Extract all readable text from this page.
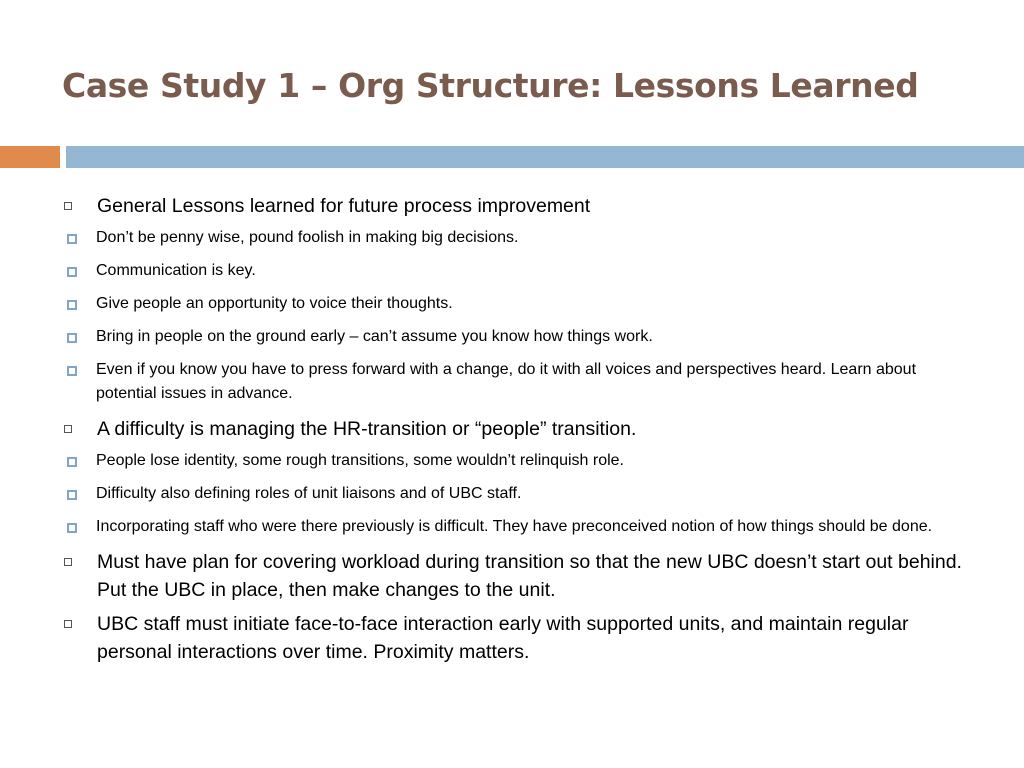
Case Study 1 – Org Structure: Lessons Learned
General Lessons learned for future process improvement
Don’t be penny wise, pound foolish in making big decisions.
Communication is key.
Give people an opportunity to voice their thoughts.
Bring in people on the ground early – can’t assume you know how things work.
Even if you know you have to press forward with a change, do it with all voices and perspectives heard. Learn about potential issues in advance.
A difficulty is managing the HR-transition or “people” transition.
People lose identity, some rough transitions, some wouldn’t relinquish role.
Difficulty also defining roles of unit liaisons and of UBC staff.
Incorporating staff who were there previously is difficult. They have preconceived notion of how things should be done.
Must have plan for covering workload during transition so that the new UBC doesn’t start out behind. Put the UBC in place, then make changes to the unit.
UBC staff must initiate face-to-face interaction early with supported units, and maintain regular personal interactions over time. Proximity matters.
